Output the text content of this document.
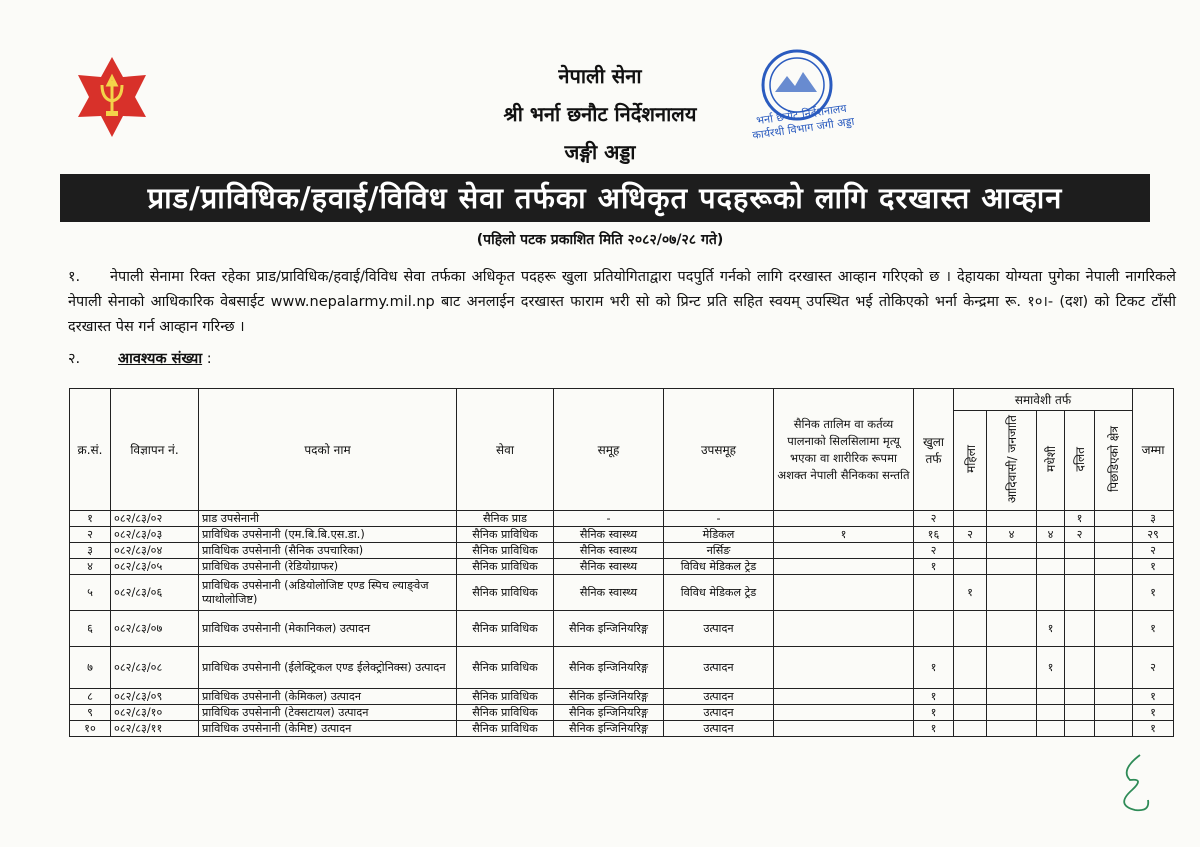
नेपाली सेना
श्री भर्ना छनौट निर्देशनालय
जङ्गी अड्डा
भर्ना छनौट निर्देशनालय कार्यरथी विभाग जंगी अड्डा
प्राड/प्राविधिक/हवाई/विविध सेवा तर्फका अधिकृत पदहरूको लागि दरखास्त आव्हान
(पहिलो पटक प्रकाशित मिति २०८२/०७/२८ गते)
१. नेपाली सेनामा रिक्त रहेका प्राड/प्राविधिक/हवाई/विविध सेवा तर्फका अधिकृत पदहरू खुला प्रतियोगिताद्वारा पदपुर्ति गर्नको लागि दरखास्त आव्हान गरिएको छ । देहायका योग्यता पुगेका नेपाली नागरिकले नेपाली सेनाको आधिकारिक वेबसाईट www.nepalarmy.mil.np बाट अनलाईन दरखास्त फाराम भरी सो को प्रिन्ट प्रति सहित स्वयम् उपस्थित भई तोकिएको भर्ना केन्द्रमा रू. १०।- (दश) को टिकट टाँसी दरखास्त पेस गर्न आव्हान गरिन्छ ।
२.	आवश्यक संख्या :
क्र.सं.	विज्ञापन नं.	पदको नाम	सेवा	समूह	उपसमूह	सैनिक तालिम वा कर्तव्य पालनाको सिलसिलामा मृत्यू भएका वा शारीरिक रूपमा अशक्त नेपाली सैनिकका सन्तति	खुला तर्फ	समावेशी तर्फ					जम्मा
								महिला	आदिवासी/ जनजाति	मधेशी	दलित	पिछडिएको क्षेत्र	
१	०८२/८३/०२	प्राड उपसेनानी	सैनिक प्राड	-	-		२				१		३
२	०८२/८३/०३	प्राविधिक उपसेनानी (एम.बि.बि.एस.डा.)	सैनिक प्राविधिक	सैनिक स्वास्थ्य	मेडिकल	१	१६	२	४	४	२		२९
३	०८२/८३/०४	प्राविधिक उपसेनानी (सैनिक उपचारिका)	सैनिक प्राविधिक	सैनिक स्वास्थ्य	नर्सिङ		२						२
४	०८२/८३/०५	प्राविधिक उपसेनानी (रेडियोग्राफर)	सैनिक प्राविधिक	सैनिक स्वास्थ्य	विविध मेडिकल ट्रेड		१						१
५	०८२/८३/०६	प्राविधिक उपसेनानी (अडियोलोजिष्ट एण्ड स्पिच ल्याङ्वेज प्याथोलोजिष्ट)	सैनिक प्राविधिक	सैनिक स्वास्थ्य	विविध मेडिकल ट्रेड			१					१
६	०८२/८३/०७	प्राविधिक उपसेनानी (मेकानिकल) उत्पादन	सैनिक प्राविधिक	सैनिक इन्जिनियरिङ्ग	उत्पादन					१			१
७	०८२/८३/०८	प्राविधिक उपसेनानी (ईलेक्ट्रिकल एण्ड ईलेक्ट्रोनिक्स) उत्पादन	सैनिक प्राविधिक	सैनिक इन्जिनियरिङ्ग	उत्पादन		१			१			२
८	०८२/८३/०९	प्राविधिक उपसेनानी (केमिकल) उत्पादन	सैनिक प्राविधिक	सैनिक इन्जिनियरिङ्ग	उत्पादन		१						१
९	०८२/८३/१०	प्राविधिक उपसेनानी (टेक्सटायल) उत्पादन	सैनिक प्राविधिक	सैनिक इन्जिनियरिङ्ग	उत्पादन		१						१
१०	०८२/८३/११	प्राविधिक उपसेनानी (केमिष्ट) उत्पादन	सैनिक प्राविधिक	सैनिक इन्जिनियरिङ्ग	उत्पादन		१						१
